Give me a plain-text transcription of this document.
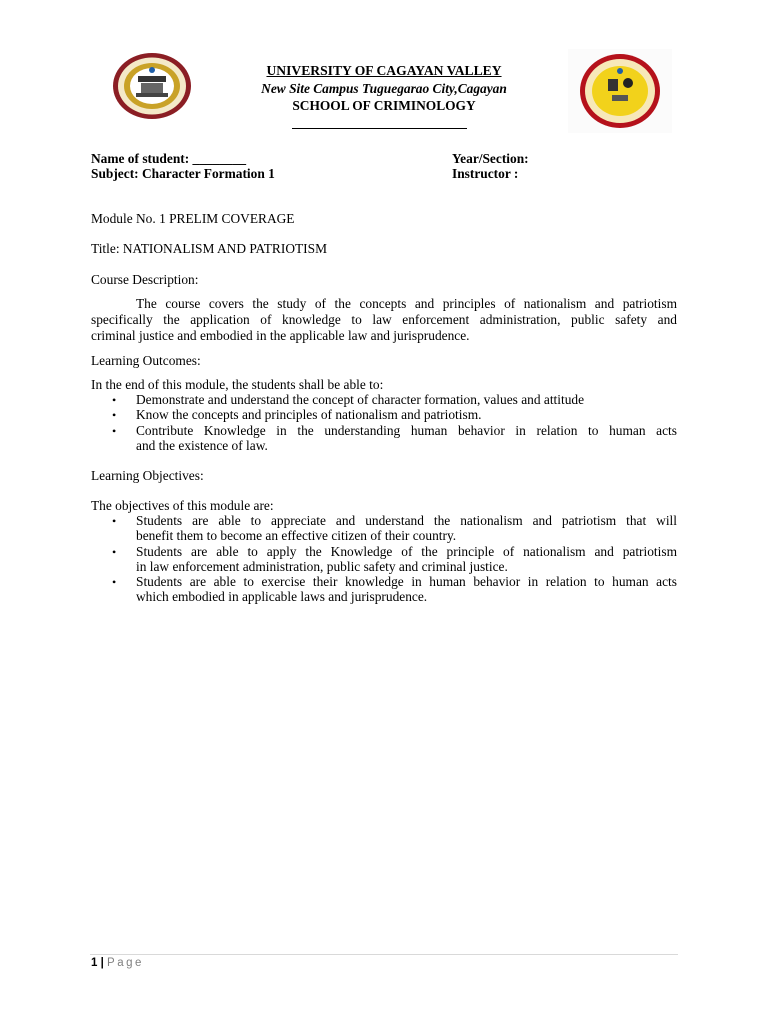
UNIVERSITY OF CAGAYAN VALLEY
New Site Campus Tuguegarao City,Cagayan
SCHOOL OF CRIMINOLOGY
Name of student: ________
Subject: Character Formation 1
Year/Section:
Instructor :
Module No. 1 PRELIM COVERAGE
Title: NATIONALISM AND PATRIOTISM
Course Description:
The course covers the study of the concepts and principles of nationalism and patriotism
specifically the application of knowledge to law enforcement administration, public safety and
criminal justice and embodied in the applicable law and jurisprudence.
Learning Outcomes:
In the end of this module, the students shall be able to:
•	Demonstrate and understand the concept of character formation, values and attitude
•	Know the concepts and principles of nationalism and patriotism.
•	Contribute Knowledge in the understanding human behavior in relation to human acts
and the existence of law.
Learning Objectives:
The objectives of this module are:
•	Students are able to appreciate and understand the nationalism and patriotism that will
benefit them to become an effective citizen of their country.
•	Students are able to apply the Knowledge of the principle of nationalism and patriotism
in law enforcement administration, public safety and criminal justice.
•	Students are able to exercise their knowledge in human behavior in relation to human acts
which embodied in applicable laws and jurisprudence.
1 | Page
